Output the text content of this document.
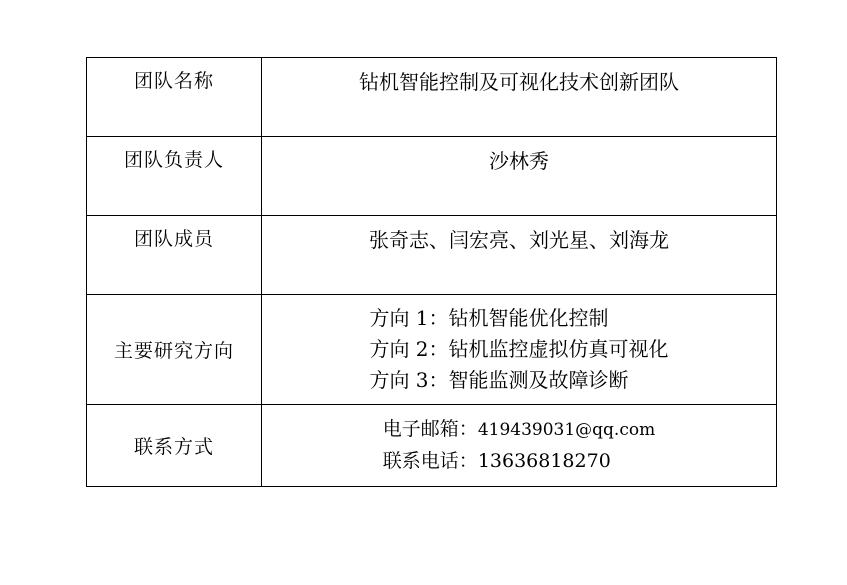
团队名称	钻机智能控制及可视化技术创新团队

团队负责人	沙林秀

团队成员	张奇志、闫宏亮、刘光星、刘海龙

主要研究方向	方向 1：钻机智能优化控制
方向 2：钻机监控虚拟仿真可视化
方向 3：智能监测及故障诊断

联系方式	电子邮箱：419439031@qq.com
联系电话：13636818270
